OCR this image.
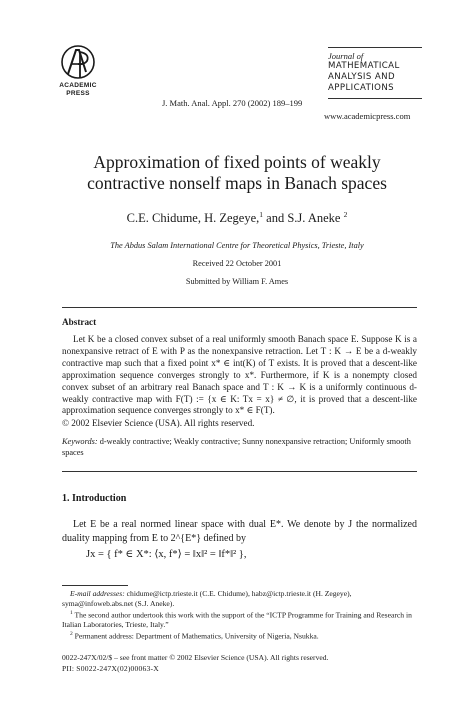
ACADEMIC
PRESS
J. Math. Anal. Appl. 270 (2002) 189–199
Journal of
MATHEMATICAL
ANALYSIS AND
APPLICATIONS
www.academicpress.com
Approximation of fixed points of weakly
contractive nonself maps in Banach spaces
C.E. Chidume, H. Zegeye,$^1$ and S.J. Aneke $^2$
The Abdus Salam International Centre for Theoretical Physics, Trieste, Italy
Received 22 October 2001
Submitted by William F. Ames
Abstract
Let K be a closed convex subset of a real uniformly smooth Banach space E. Suppose K is a nonexpansive retract of E with P as the nonexpansive retraction. Let T : K → E be a d-weakly contractive map such that a fixed point x* ∈ int(K) of T exists. It is proved that a descent-like approximation sequence converges strongly to x*. Furthermore, if K is a nonempty closed convex subset of an arbitrary real Banach space and T : K → K is a uniformly continuous d-weakly contractive map with F(T) := {x ∈ K: Tx = x} ≠ ∅, it is proved that a descent-like approximation sequence converges strongly to x* ∈ F(T).
© 2002 Elsevier Science (USA). All rights reserved.
Keywords: d-weakly contractive; Weakly contractive; Sunny nonexpansive retraction; Uniformly smooth spaces
1. Introduction
Let E be a real normed linear space with dual E*. We denote by J the normalized duality mapping from E to 2^{E*} defined by
Jx = { f* ∈ X*: ⟨x, f*⟩ = ‖x‖² = ‖f*‖² },

E-mail addresses: chidume@ictp.trieste.it (C.E. Chidume), habz@ictp.trieste.it (H. Zegeye), syma@infoweb.abs.net (S.J. Aneke).

$^1$ The second author undertook this work with the support of the “ICTP Programme for Training and Research in Italian Laboratories, Trieste, Italy.”

$^2$ Permanent address: Department of Mathematics, University of Nigeria, Nsukka.

0022-247X/02/$ – see front matter © 2002 Elsevier Science (USA). All rights reserved.
PII: S0022-247X(02)00063-X
